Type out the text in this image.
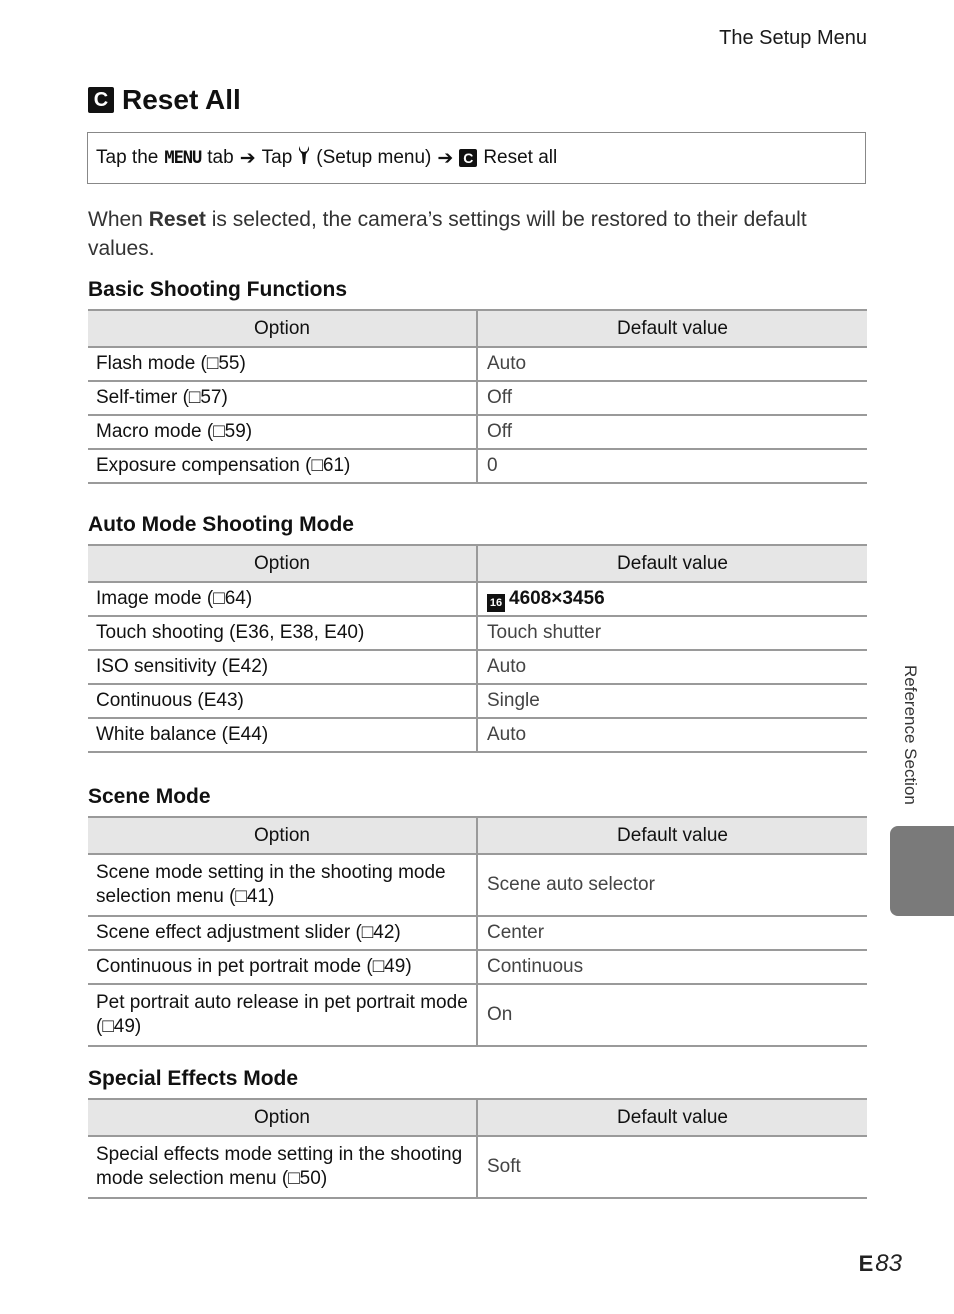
The Setup Menu
C Reset All
Tap the MENU tab ➔ Tap (Setup menu) ➔ C Reset all

When Reset is selected, the camera’s settings will be restored to their default values.

Basic Shooting Functions
Option	Default value
Flash mode (□55)	Auto
Self-timer (□57)	Off
Macro mode (□59)	Off
Exposure compensation (□61)	0
Auto Mode Shooting Mode
Option	Default value
Image mode (□64)	16 4608×3456
Touch shooting (E36, E38, E40)	Touch shutter
ISO sensitivity (E42)	Auto
Continuous (E43)	Single
White balance (E44)	Auto
Scene Mode
Option	Default value
Scene mode setting in the shooting mode selection menu (□41)	Scene auto selector
Scene effect adjustment slider (□42)	Center
Continuous in pet portrait mode (□49)	Continuous
Pet portrait auto release in pet portrait mode (□49)	On
Special Effects Mode
Option	Default value
Special effects mode setting in the shooting mode selection menu (□50)	Soft
Reference Section
E 83
